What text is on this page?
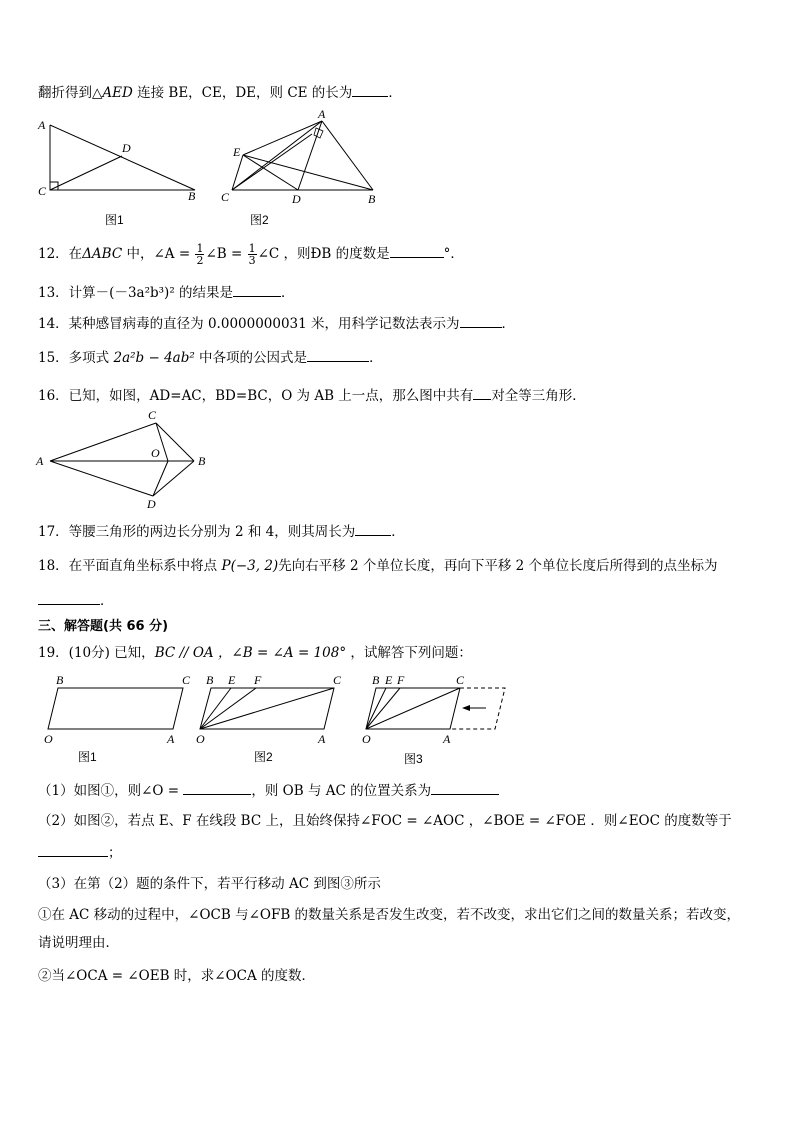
翻折得到△AED 连接 BE，CE，DE，则 CE 的长为	．
A
D
C	B
图1
A
E
C	D	B
图2
12．在ΔABC 中，∠A = $\frac{1}{2}$ ∠B = $\frac{1}{3}$ ∠C ，则ÐB 的度数是	°．
13．计算－(－3a²b³)² 的结果是	．
14．某种感冒病毒的直径为 0.0000000031 米，用科学记数法表示为	．
15．多项式 2a²b − 4ab² 中各项的公因式是	．
16．已知，如图，AD=AC，BD=BC，O 为 AB 上一点，那么图中共有 对全等三角形．
A	B
C
D
O
17．等腰三角形的两边长分别为 2 和 4，则其周长为	．
18．在平面直角坐标系中将点 P(−3, 2)先向右平移 2 个单位长度，再向下平移 2 个单位长度后所得到的点坐标为
．
三、解答题(共 66 分)
19．(10分) 已知，BC // OA ，∠B = ∠A = 108° ，试解答下列问题：
B	C
O	A
图1
B E F	C
O	A
图2
B E F	C
O	A
图3
（1）如图①，则∠O =	，则 OB 与 AC 的位置关系为
（2）如图②，若点 E、F 在线段 BC 上，且始终保持∠FOC = ∠AOC ，∠BOE = ∠FOE ．则∠EOC 的度数等于
；
（3）在第（2）题的条件下，若平行移动 AC 到图③所示
①在 AC 移动的过程中，∠OCB 与∠OFB 的数量关系是否发生改变，若不改变，求出它们之间的数量关系；若改变，
请说明理由．
②当∠OCA = ∠OEB 时，求∠OCA 的度数．
